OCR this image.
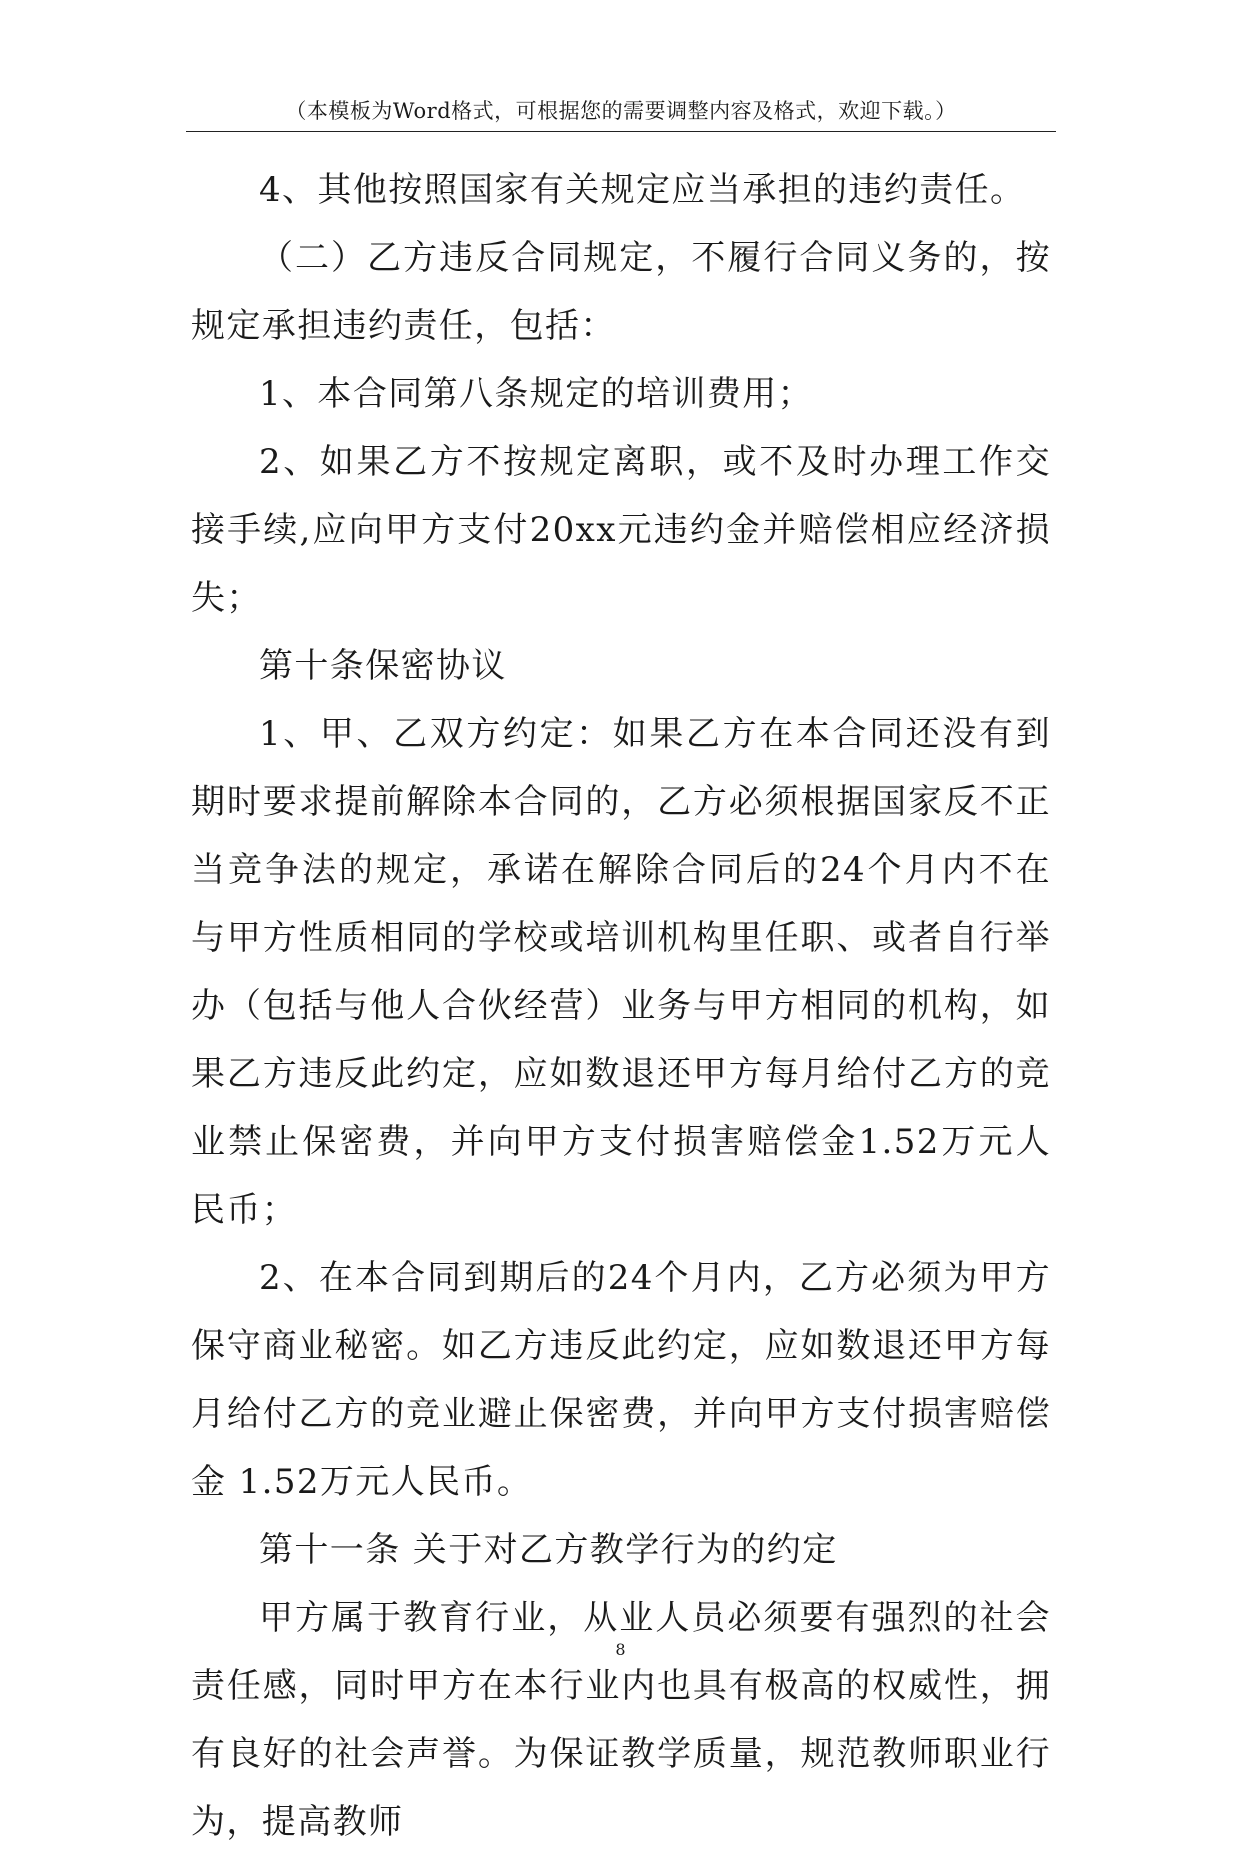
（本模板为Word格式，可根据您的需要调整内容及格式，欢迎下载。）

4、其他按照国家有关规定应当承担的违约责任。

（二）乙方违反合同规定，不履行合同义务的，按规定承担违约责任，包括：

1、本合同第八条规定的培训费用；

2、如果乙方不按规定离职，或不及时办理工作交接手续,应向甲方支付20xx元违约金并赔偿相应经济损失；

第十条保密协议

1、甲、乙双方约定：如果乙方在本合同还没有到期时要求提前解除本合同的，乙方必须根据国家反不正当竞争法的规定，承诺在解除合同后的24个月内不在与甲方性质相同的学校或培训机构里任职、或者自行举办（包括与他人合伙经营）业务与甲方相同的机构，如果乙方违反此约定，应如数退还甲方每月给付乙方的竞业禁止保密费，并向甲方支付损害赔偿金1.52万元人民币；

2、在本合同到期后的24个月内，乙方必须为甲方保守商业秘密。如乙方违反此约定，应如数退还甲方每月给付乙方的竞业避止保密费，并向甲方支付损害赔偿金 1.52万元人民币。

第十一条 关于对乙方教学行为的约定

甲方属于教育行业，从业人员必须要有强烈的社会责任感，同时甲方在本行业内也具有极高的权威性，拥有良好的社会声誉。为保证教学质量，规范教师职业行为，提高教师

8
